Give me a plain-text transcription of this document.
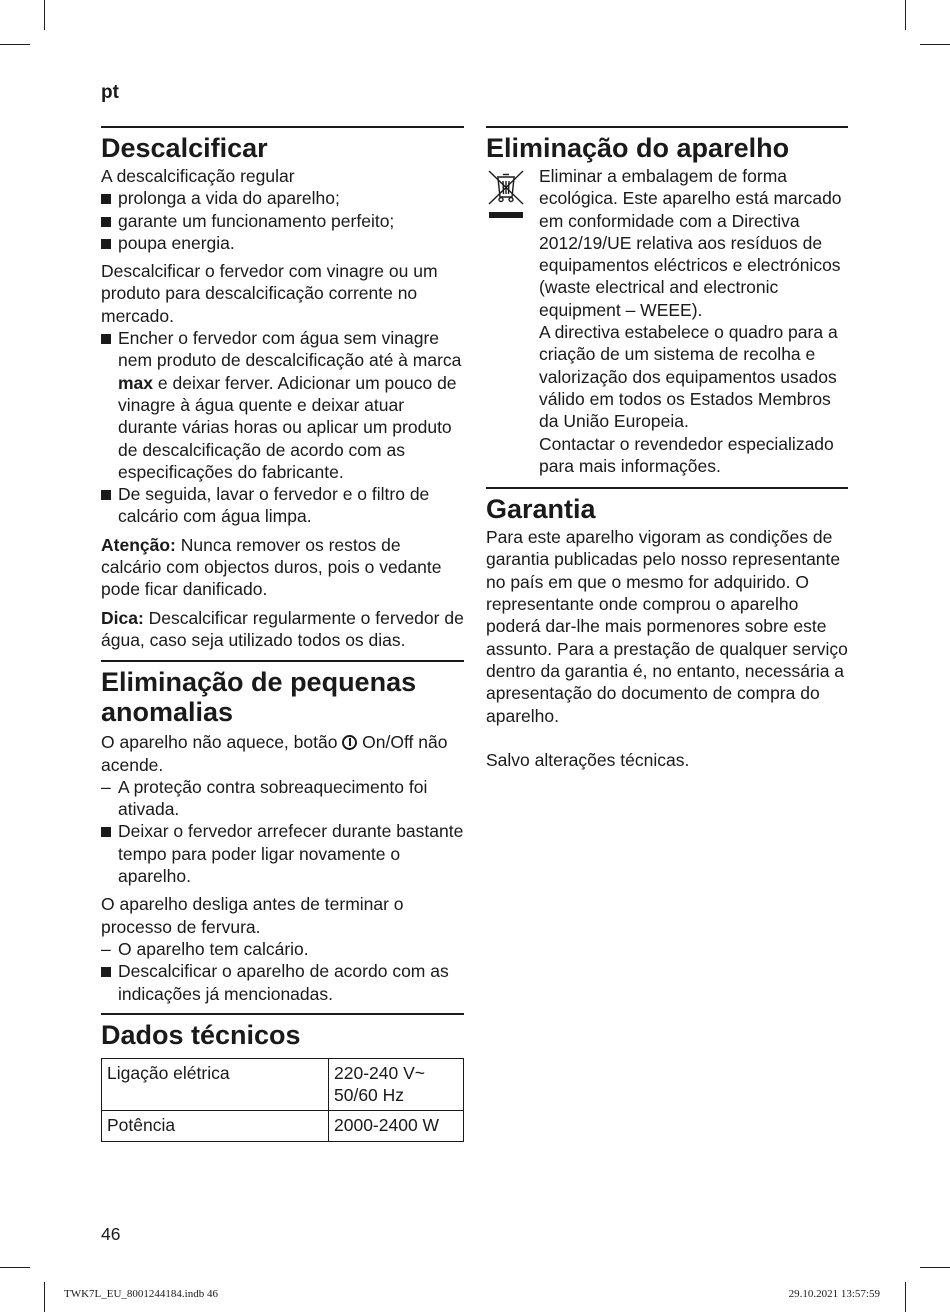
pt
Descalcificar

A descalcificação regular

prolonga a vida do aparelho;
garante um funcionamento perfeito;
poupa energia.

Descalcificar o fervedor com vinagre ou um produto para descalcificação corrente no mercado.

Encher o fervedor com água sem vinagre nem produto de descalcificação até à marca max e deixar ferver. Adicionar um pouco de vinagre à água quente e deixar atuar durante várias horas ou aplicar um produto de descalcificação de acordo com as especificações do fabricante.
De seguida, lavar o fervedor e o filtro de calcário com água limpa.

Atenção: Nunca remover os restos de calcário com objectos duros, pois o vedante pode ficar danificado.

Dica: Descalcificar regularmente o fervedor de água, caso seja utilizado todos os dias.

Eliminação de pequenas anomalias

O aparelho não aquece, botão  On/Off não acende.

– A proteção contra sobreaquecimento foi ativada.
Deixar o fervedor arrefecer durante bastante tempo para poder ligar novamente o aparelho.

O aparelho desliga antes de terminar o processo de fervura.

– O aparelho tem calcário.
Descalcificar o aparelho de acordo com as indicações já mencionadas.
Dados técnicos
Ligação elétrica	220-240 V~ 50/60 Hz
Potência	2000-2400 W
Eliminação do aparelho

Eliminar a embalagem de forma ecológica. Este aparelho está marcado em conformidade com a Directiva 2012/19/UE relativa aos resíduos de equipamentos eléctricos e electrónicos (waste electrical and electronic equipment – WEEE).

A directiva estabelece o quadro para a criação de um sistema de recolha e valorização dos equipamentos usados válido em todos os Estados Membros da União Europeia.

Contactar o revendedor especializado para mais informações.

Garantia

Para este aparelho vigoram as condições de garantia publicadas pelo nosso representante no país em que o mesmo for adquirido. O representante onde comprou o aparelho poderá dar-lhe mais pormenores sobre este assunto. Para a prestação de qualquer serviço dentro da garantia é, no entanto, necessária a apresentação do documento de compra do aparelho.

Salvo alterações técnicas.

46
TWK7L_EU_8001244184.indb 46	29.10.2021 13:57:59
